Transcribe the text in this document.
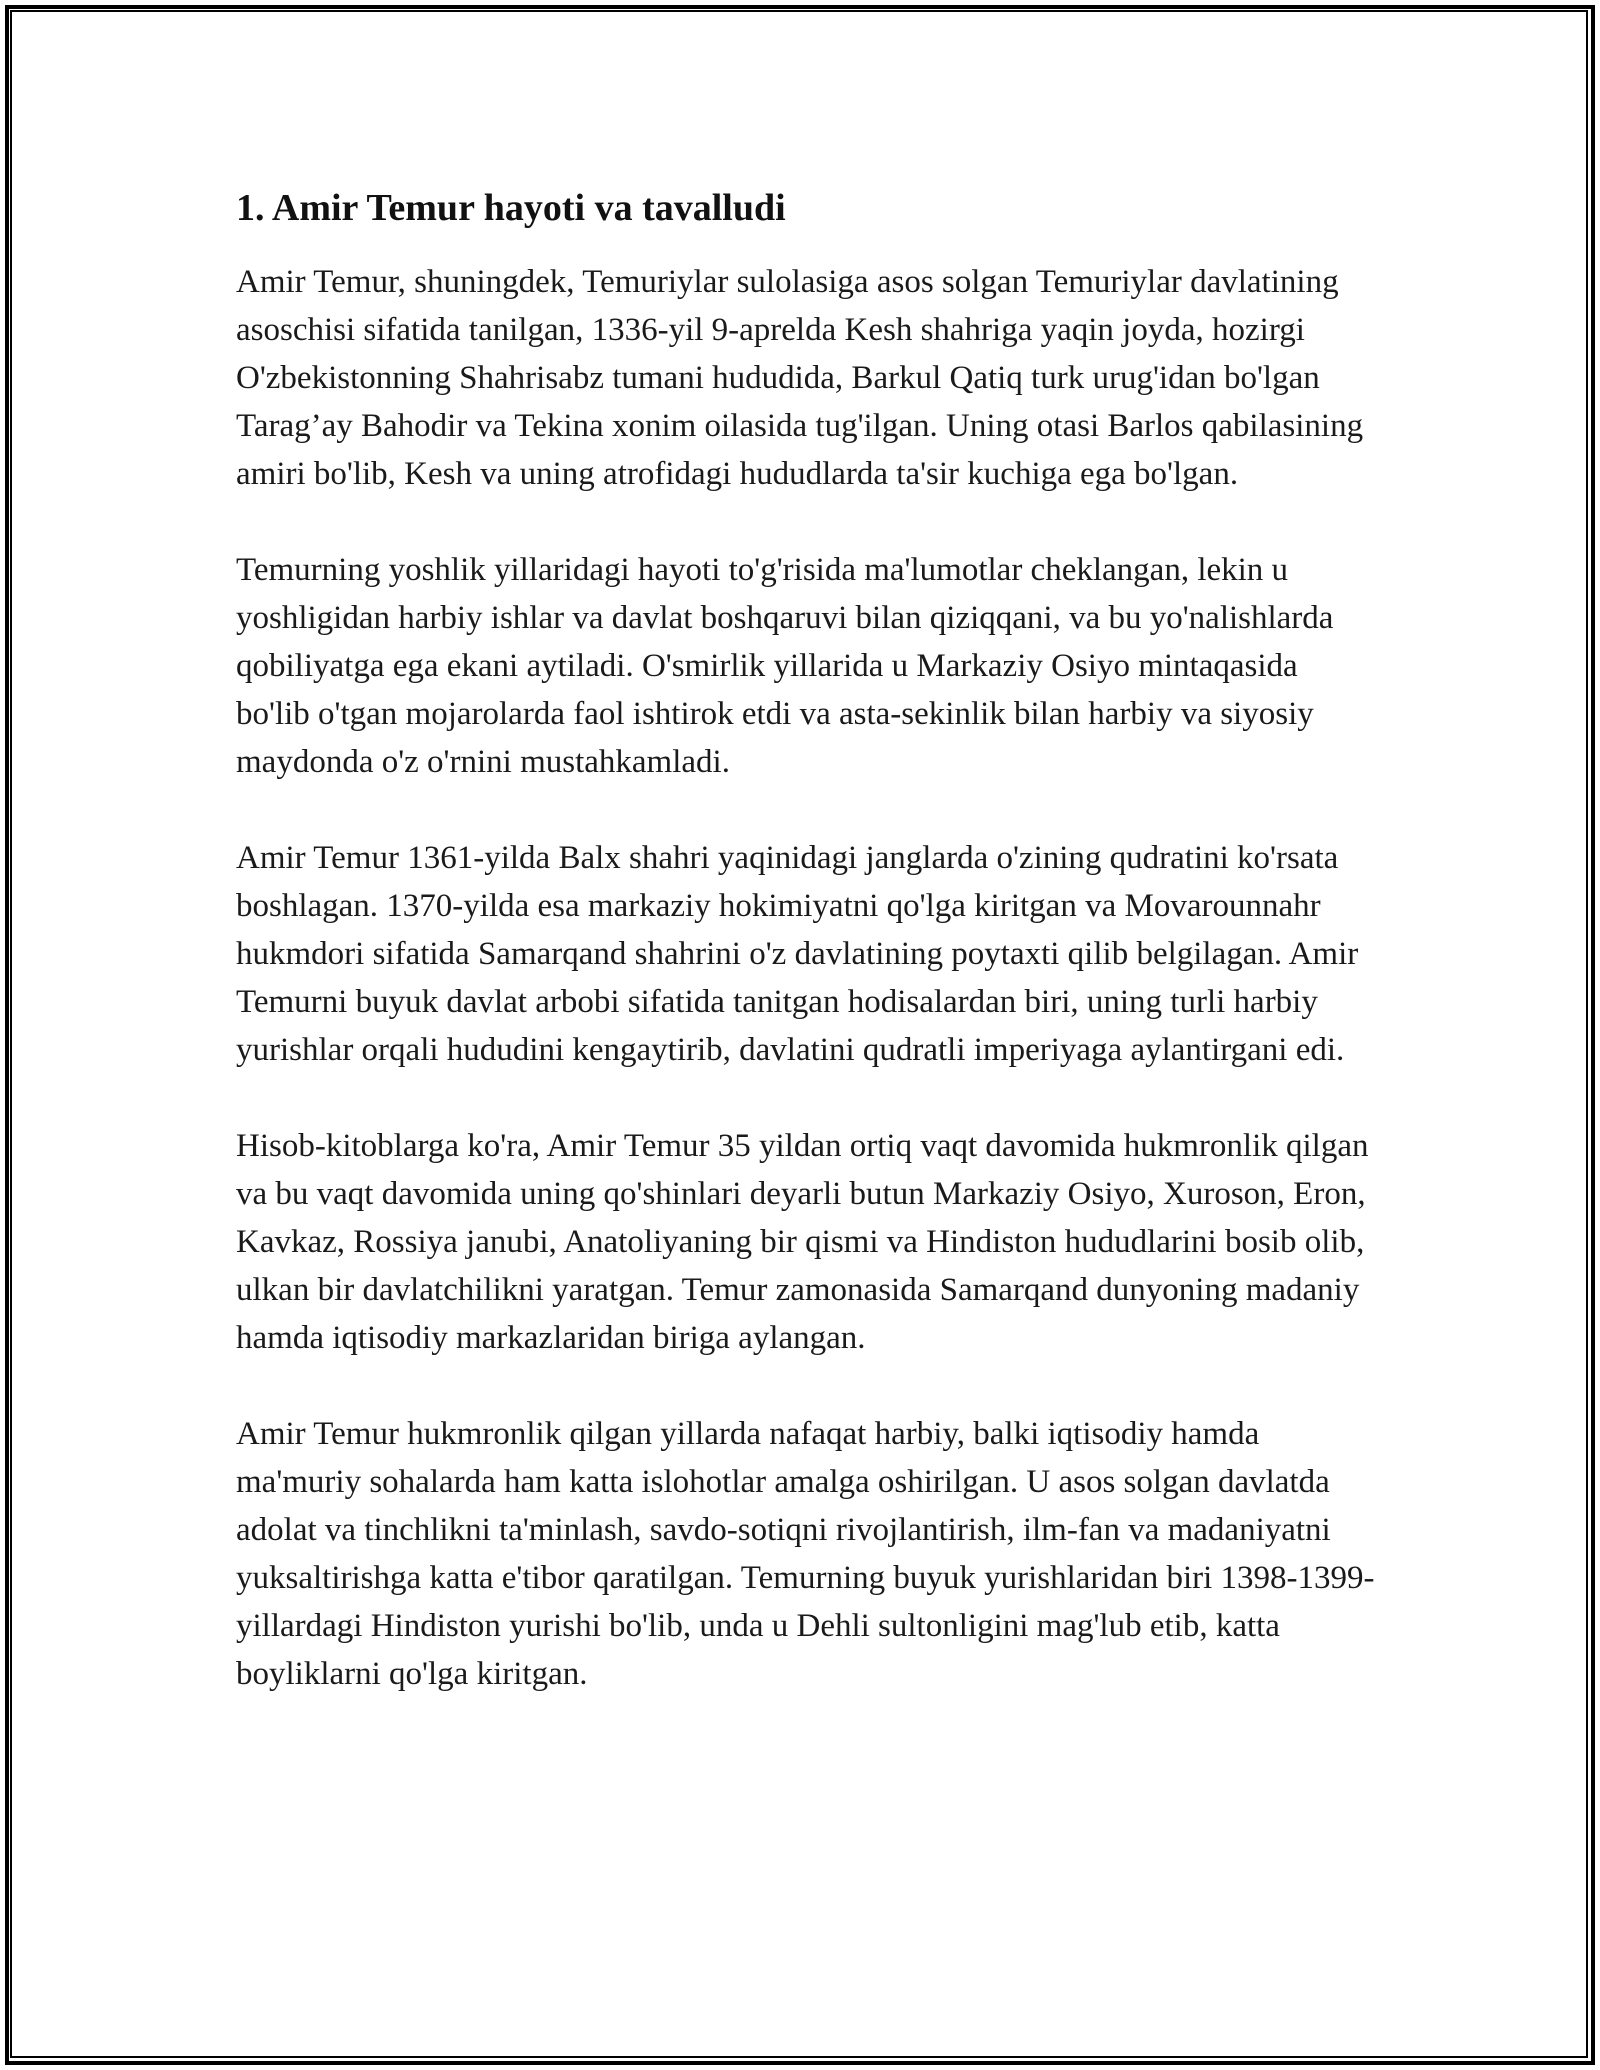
1. Amir Temur hayoti va tavalludi

Amir Temur, shuningdek, Temuriylar sulolasiga asos solgan Temuriylar davlatining asoschisi sifatida tanilgan, 1336-yil 9-aprelda Kesh shahriga yaqin joyda, hozirgi O'zbekistonning Shahrisabz tumani hududida, Barkul Qatiq turk urug'idan bo'lgan Tarag’ay Bahodir va Tekina xonim oilasida tug'ilgan. Uning otasi Barlos qabilasining amiri bo'lib, Kesh va uning atrofidagi hududlarda ta'sir kuchiga ega bo'lgan.

Temurning yoshlik yillaridagi hayoti to'g'risida ma'lumotlar cheklangan, lekin u yoshligidan harbiy ishlar va davlat boshqaruvi bilan qiziqqani, va bu yo'nalishlarda qobiliyatga ega ekani aytiladi. O'smirlik yillarida u Markaziy Osiyo mintaqasida bo'lib o'tgan mojarolarda faol ishtirok etdi va asta-sekinlik bilan harbiy va siyosiy maydonda o'z o'rnini mustahkamladi.

Amir Temur 1361-yilda Balx shahri yaqinidagi janglarda o'zining qudratini ko'rsata boshlagan. 1370-yilda esa markaziy hokimiyatni qo'lga kiritgan va Movarounnahr hukmdori sifatida Samarqand shahrini o'z davlatining poytaxti qilib belgilagan. Amir Temurni buyuk davlat arbobi sifatida tanitgan hodisalardan biri, uning turli harbiy yurishlar orqali hududini kengaytirib, davlatini qudratli imperiyaga aylantirgani edi.

Hisob-kitoblarga ko'ra, Amir Temur 35 yildan ortiq vaqt davomida hukmronlik qilgan va bu vaqt davomida uning qo'shinlari deyarli butun Markaziy Osiyo, Xuroson, Eron, Kavkaz, Rossiya janubi, Anatoliyaning bir qismi va Hindiston hududlarini bosib olib, ulkan bir davlatchilikni yaratgan. Temur zamonasida Samarqand dunyoning madaniy hamda iqtisodiy markazlaridan biriga aylangan.

Amir Temur hukmronlik qilgan yillarda nafaqat harbiy, balki iqtisodiy hamda ma'muriy sohalarda ham katta islohotlar amalga oshirilgan. U asos solgan davlatda adolat va tinchlikni ta'minlash, savdo-sotiqni rivojlantirish, ilm-fan va madaniyatni yuksaltirishga katta e'tibor qaratilgan. Temurning buyuk yurishlaridan biri 1398-1399-yillardagi Hindiston yurishi bo'lib, unda u Dehli sultonligini mag'lub etib, katta boyliklarni qo'lga kiritgan.
